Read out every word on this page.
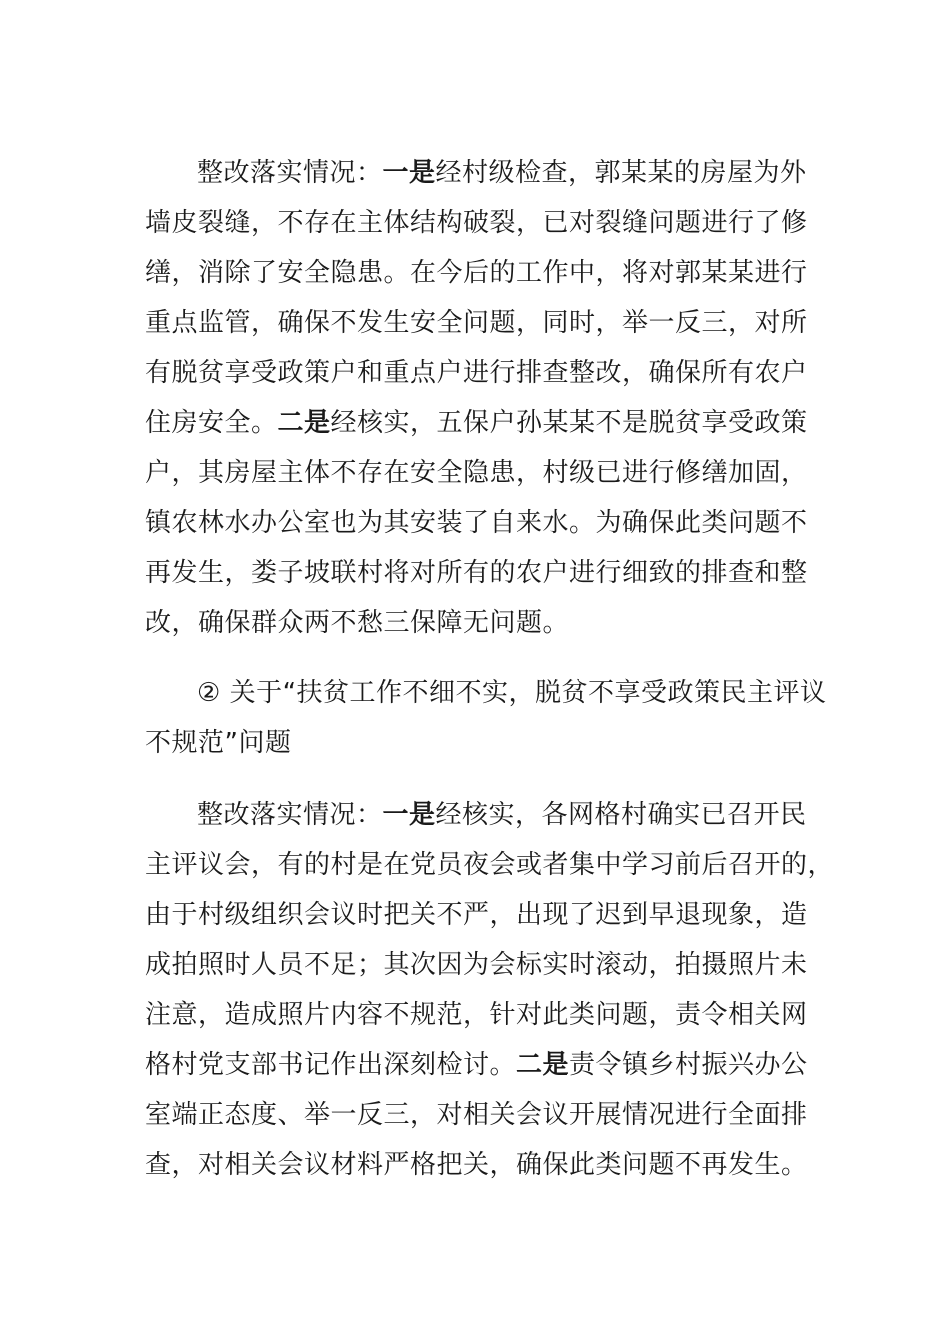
整改落实情况：一是经村级检查，郭某某的房屋为外
墙皮裂缝，不存在主体结构破裂，已对裂缝问题进行了修
缮，消除了安全隐患。在今后的工作中，将对郭某某进行
重点监管，确保不发生安全问题，同时，举一反三，对所
有脱贫享受政策户和重点户进行排查整改，确保所有农户
住房安全。二是经核实，五保户孙某某不是脱贫享受政策
户，其房屋主体不存在安全隐患，村级已进行修缮加固，
镇农林水办公室也为其安装了自来水。为确保此类问题不
再发生，娄子坡联村将对所有的农户进行细致的排查和整
改，确保群众两不愁三保障无问题。
② 关于“扶贫工作不细不实，脱贫不享受政策民主评议
不规范”问题
整改落实情况：一是经核实，各网格村确实已召开民
主评议会，有的村是在党员夜会或者集中学习前后召开的，
由于村级组织会议时把关不严，出现了迟到早退现象，造
成拍照时人员不足；其次因为会标实时滚动，拍摄照片未
注意，造成照片内容不规范，针对此类问题，责令相关网
格村党支部书记作出深刻检讨。二是责令镇乡村振兴办公
室端正态度、举一反三，对相关会议开展情况进行全面排
查，对相关会议材料严格把关，确保此类问题不再发生。
